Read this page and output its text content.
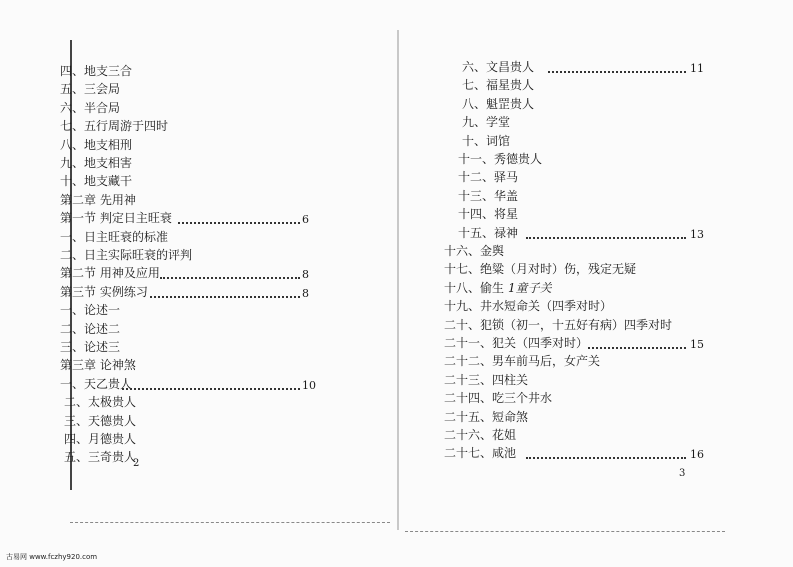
四、地支三合
五、三会局
六、半合局
七、五行周游于四时
八、地支相刑
九、地支相害
十、地支藏干
第二章 先用神
第一节 判定日主旺衰	6
一、日主旺衰的标准
二、日主实际旺衰的评判
第二节 用神及应用	8
第三节 实例练习	8
一、论述一
二、论述二
三、论述三
第三章 论神煞
一、天乙贵人	10
二、太极贵人
三、天德贵人
四、月德贵人
五、三奇贵人
六、文昌贵人	11
七、福星贵人
八、魁罡贵人
九、学堂
十、词馆
十一、秀德贵人
十二、驿马
十三、华盖
十四、将星
十五、禄神	13
十六、金舆
十七、绝粱（月对时）伤，残定无疑
十八、偷生 1童子关
十九、井水短命关（四季对时）
二十、犯锁（初一，十五好有病）四季对时
二十一、犯关（四季对时）	15
二十二、男车前马后，女产关
二十三、四柱关
二十四、吃三个井水
二十五、短命煞
二十六、花姐
二十七、咸池	16
2
3
古易网 www.fczhy920.com
